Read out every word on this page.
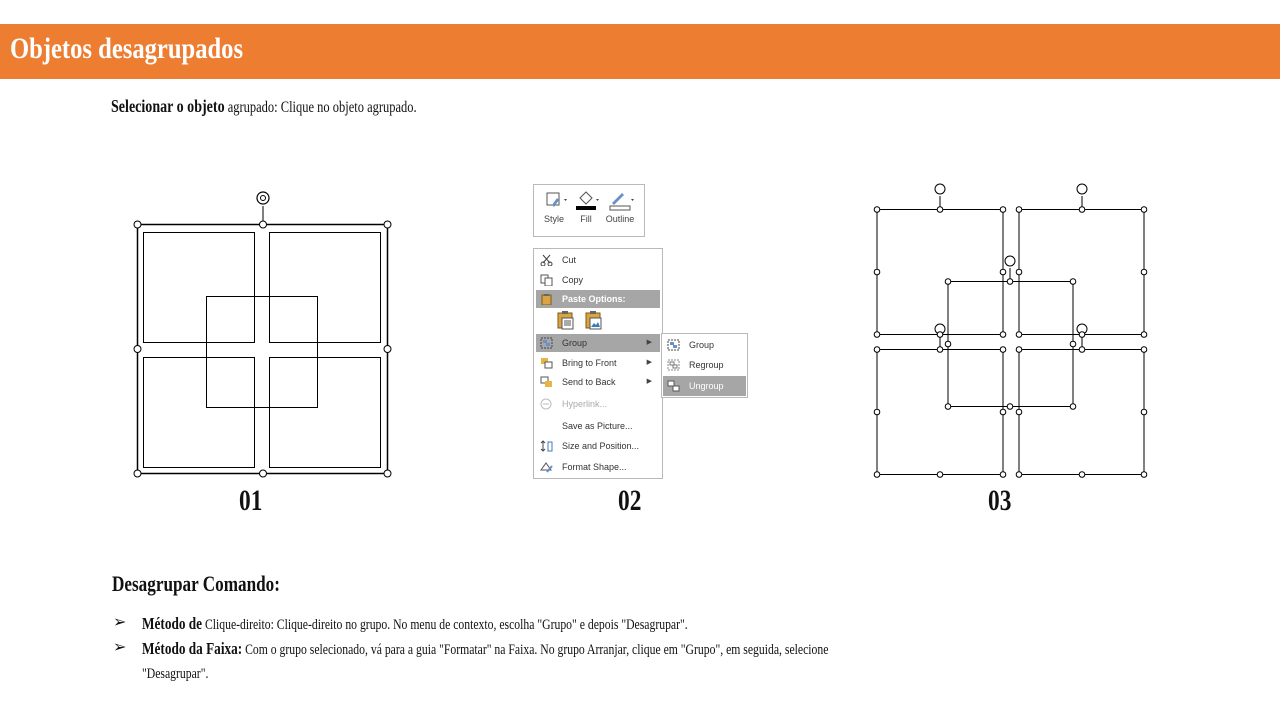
Objetos desagrupados
Selecionar o objeto agrupado: Clique no objeto agrupado.
01
Style	Fill	Outline
Cut
Copy
Paste Options:
Group	▶
Bring to Front	▶
Send to Back	▶
Hyperlink...
Save as Picture...
Size and Position...
Format Shape...
Group
Regroup
Ungroup
02	03
Desagrupar Comando:
➢ Método de Clique-direito: Clique-direito no grupo. No menu de contexto, escolha "Grupo" e depois "Desagrupar".
➢ Método da Faixa: Com o grupo selecionado, vá para a guia "Formatar" na Faixa. No grupo Arranjar, clique em "Grupo", em seguida, selecione
"Desagrupar".
